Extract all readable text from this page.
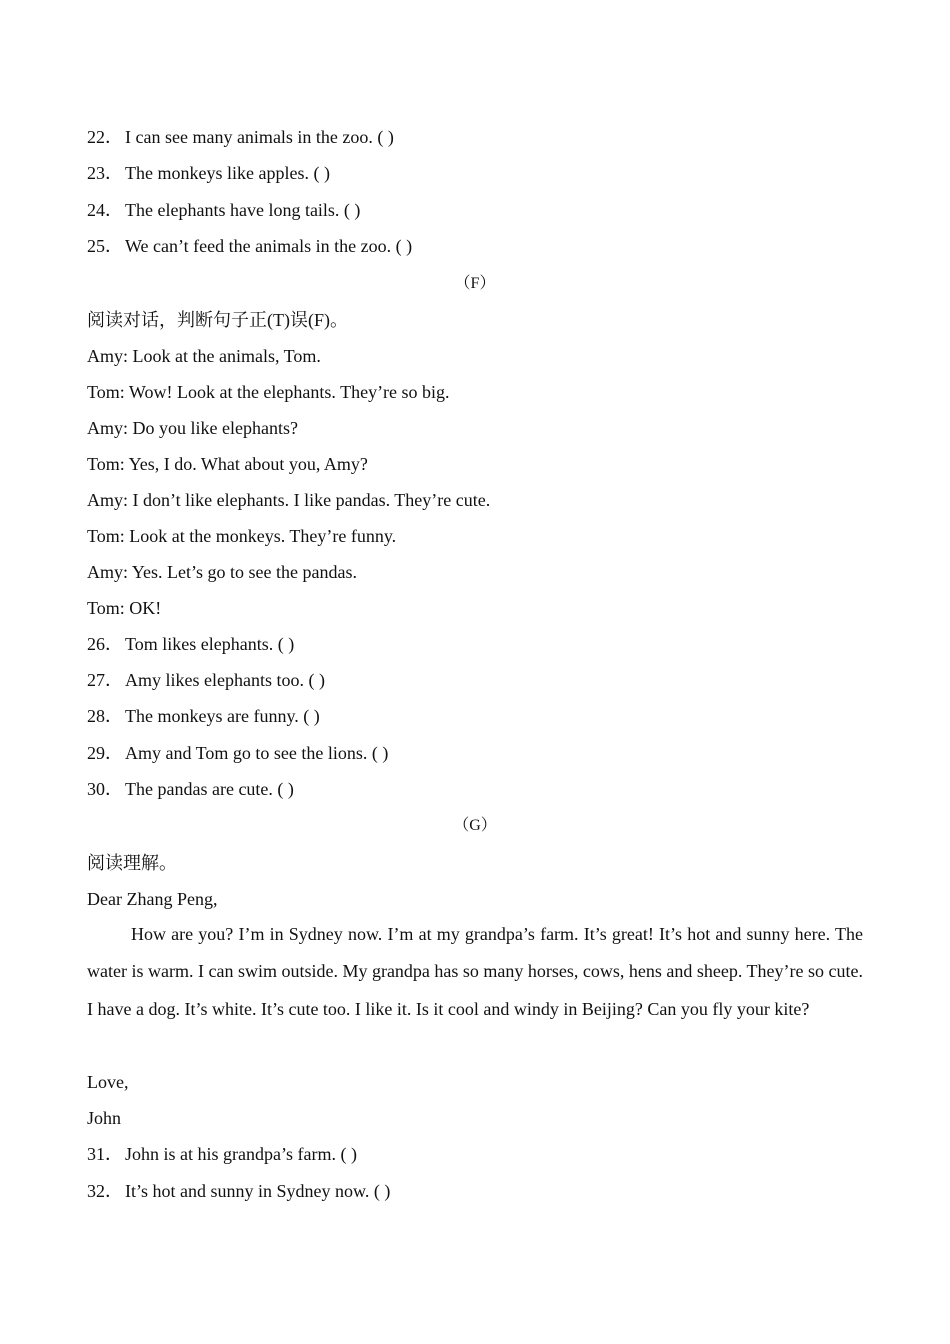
22． I can see many animals in the zoo. ( )
23． The monkeys like apples. ( )
24． The elephants have long tails. ( )
25． We can’t feed the animals in the zoo. ( )
（F）
阅读对话，判断句子正(T)误(F)。
Amy: Look at the animals, Tom.
Tom: Wow! Look at the elephants. They’re so big.
Amy: Do you like elephants?
Tom: Yes, I do. What about you, Amy?
Amy: I don’t like elephants. I like pandas. They’re cute.
Tom: Look at the monkeys. They’re funny.
Amy: Yes. Let’s go to see the pandas.
Tom: OK!
26． Tom likes elephants. ( )
27． Amy likes elephants too. ( )
28． The monkeys are funny. ( )
29． Amy and Tom go to see the lions. ( )
30． The pandas are cute. ( )
（G）
阅读理解。
Dear Zhang Peng,
How are you? I’m in Sydney now. I’m at my grandpa’s farm. It’s great! It’s hot and sunny here. The water is warm. I can swim outside. My grandpa has so many horses, cows, hens and sheep. They’re so cute. I have a dog. It’s white. It’s cute too. I like it. Is it cool and windy in Beijing? Can you fly your kite?
Love,
John
31． John is at his grandpa’s farm. ( )
32． It’s hot and sunny in Sydney now. ( )
